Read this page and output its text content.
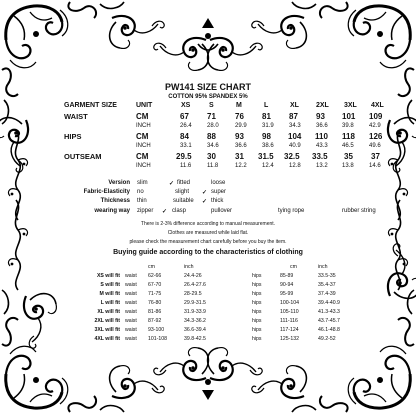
PW141 SIZE CHART
COTTON 95% SPANDEX 5%
GARMENT SIZE	UNIT	XS	S	M	L	XL 2XL 3XL 4XL
WAIST	CM	67 71 76 81 87 93 101 109
INCH	26.4	28.0	29.9	31.9	34.3	36.6 39.8	42.9
HIPS	CM	84 88 93 98 104 110 118 126
INCH	33.1	34.6	36.6	38.6	40.9	43.3 46.5	49.6
OUTSEAM	CM	29.5 30 31 31.5 32.5 33.5 35 37
INCH	11.6	11.8	12.2	12.4	12.8	13.2 13.8	14.6
Version slim	✓ fitted	loose
Fabric-Elasticity no	slight ✓ super
Thickness thin	suitable ✓ thick
wearing way zipper ✓ clasp	pullover	tying rope	rubber string
There is 2-3% difference according to manual measurement.
Clothes are measured while laid flat.
please check the measurement chart carefully before you buy the item.
Buying guide according to the characteristics of clothing
cm	inch	cm	inch
XS will fit waist 62-66	24.4-26	hips	85-89	33.5-35
S will fit waist 67-70	26.4-27.6	hips	90-94	35.4-37
M will fit waist 71-75	28-29.5	hips	95-99	37.4-39
L will fit waist 76-80	29.9-31.5	hips	100-104	39.4-40.9
XL will fit waist 81-86	31.9-33.9	hips	105-110	41.3-43.3
2XL will fit waist 87-92	34.3-36.2	hips	111-116	43.7-45.7
3XL will fit waist 93-100	36.6-39.4	hips	117-124	46.1-48.8
4XL will fit waist 101-108	39.8-42.5	hips	125-132	49.2-52
